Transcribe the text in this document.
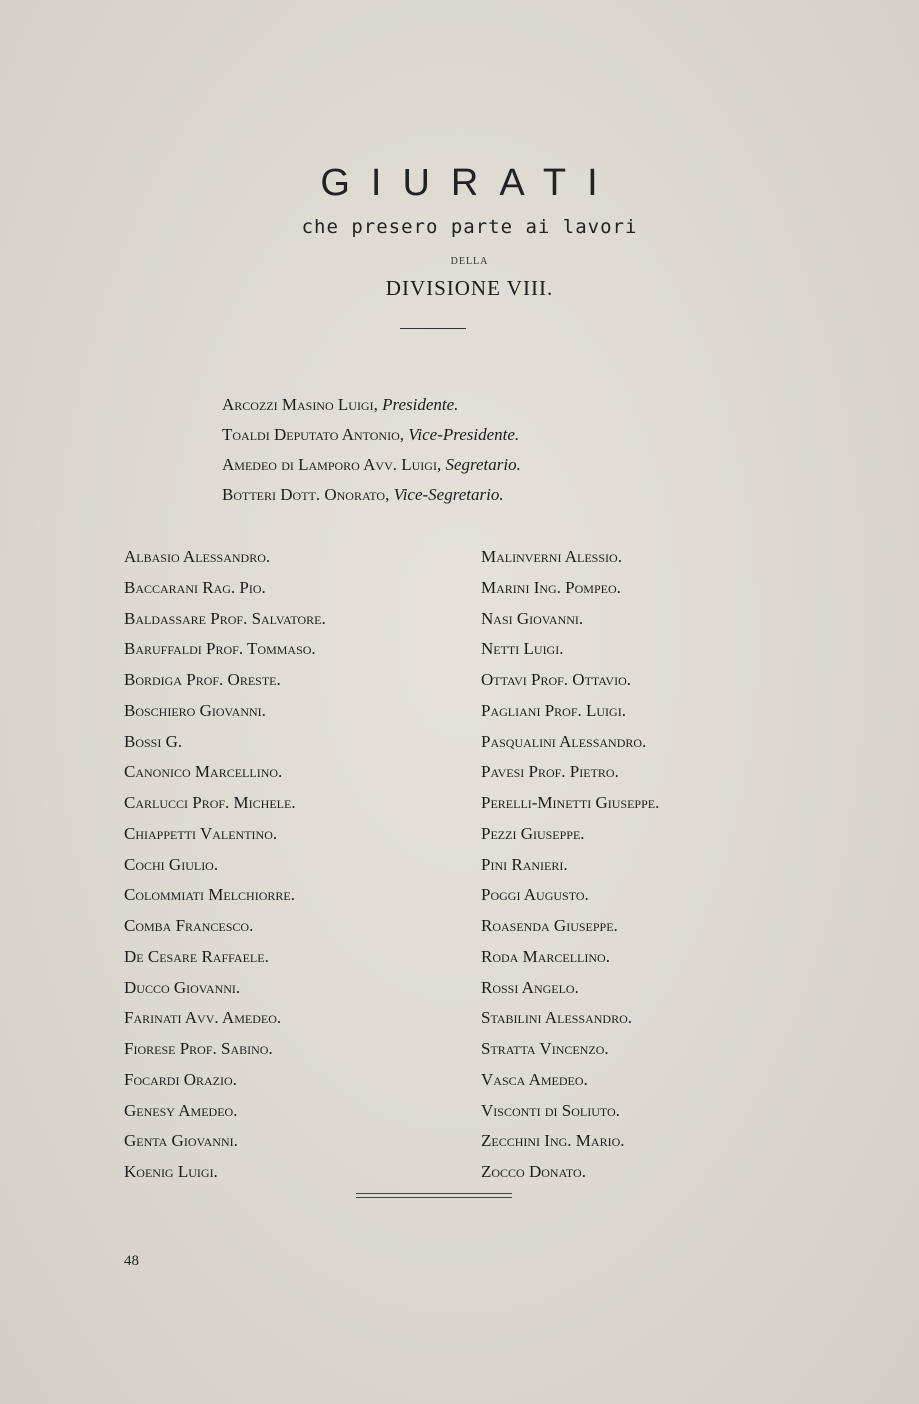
GIURATI
che presero parte ai lavori
DELLA
DIVISIONE VIII.
Arcozzi Masino Luigi, Presidente.
Toaldi Deputato Antonio, Vice-Presidente.
Amedeo di Lamporo Avv. Luigi, Segretario.
Botteri Dott. Onorato, Vice-Segretario.
Albasio Alessandro.
Baccarani Rag. Pio.
Baldassare Prof. Salvatore.
Baruffaldi Prof. Tommaso.
Bordiga Prof. Oreste.
Boschiero Giovanni.
Bossi G.
Canonico Marcellino.
Carlucci Prof. Michele.
Chiappetti Valentino.
Cochi Giulio.
Colommiati Melchiorre.
Comba Francesco.
De Cesare Raffaele.
Ducco Giovanni.
Farinati Avv. Amedeo.
Fiorese Prof. Sabino.
Focardi Orazio.
Genesy Amedeo.
Genta Giovanni.
Koenig Luigi.
Malinverni Alessio.
Marini Ing. Pompeo.
Nasi Giovanni.
Netti Luigi.
Ottavi Prof. Ottavio.
Pagliani Prof. Luigi.
Pasqualini Alessandro.
Pavesi Prof. Pietro.
Perelli-Minetti Giuseppe.
Pezzi Giuseppe.
Pini Ranieri.
Poggi Augusto.
Roasenda Giuseppe.
Roda Marcellino.
Rossi Angelo.
Stabilini Alessandro.
Stratta Vincenzo.
Vasca Amedeo.
Visconti di Soliuto.
Zecchini Ing. Mario.
Zocco Donato.
48
